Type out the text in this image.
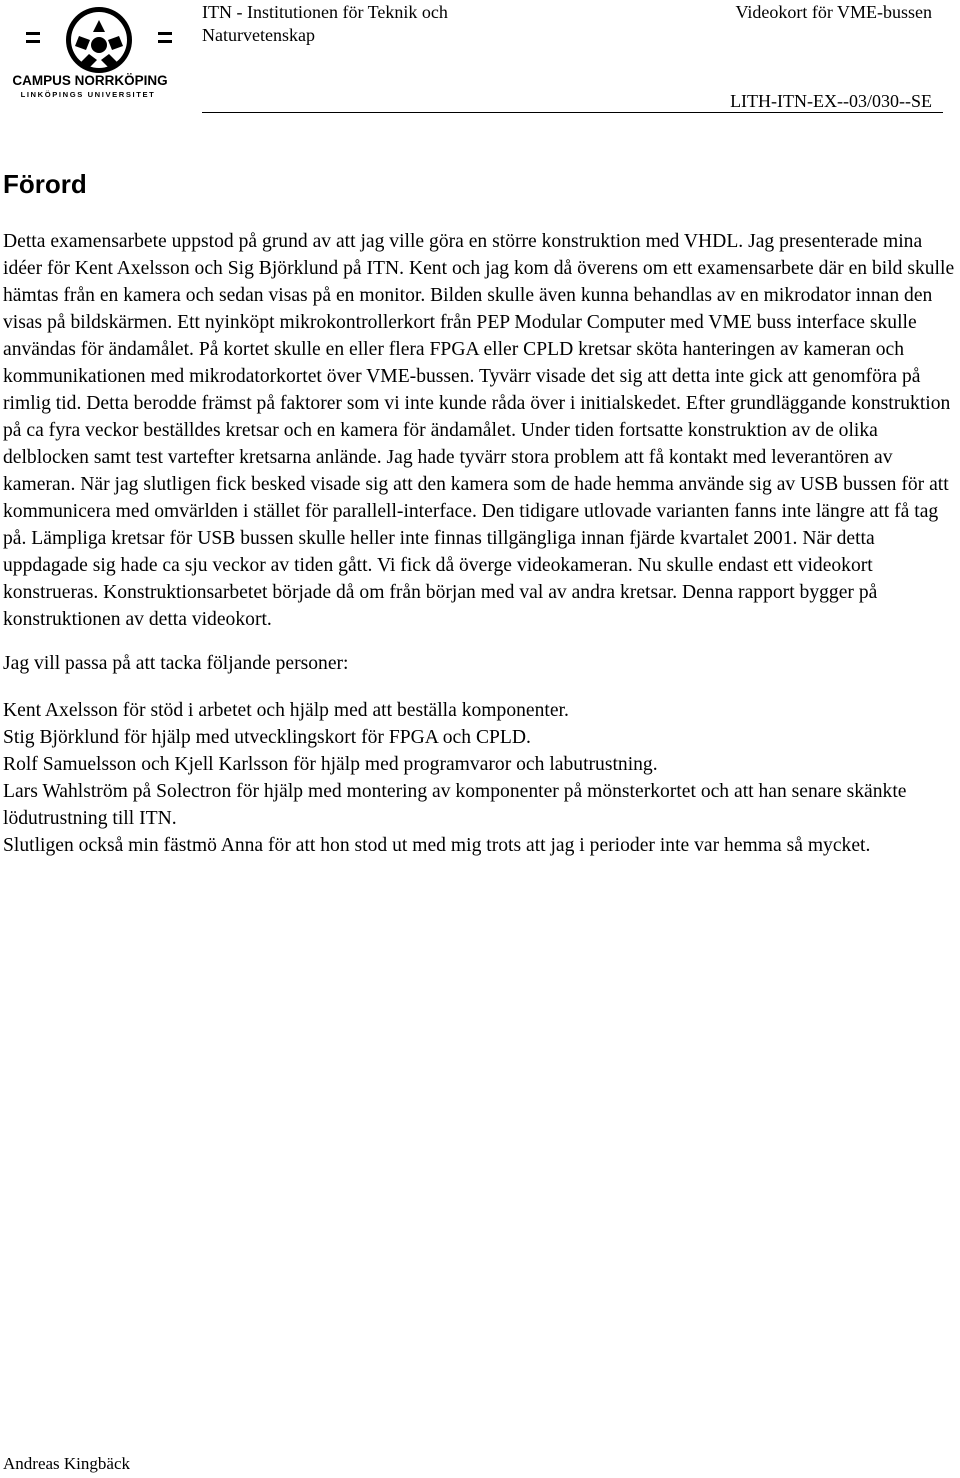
CAMPUS NORRKÖPING
LINKÖPINGS UNIVERSITET
ITN - Institutionen för Teknik och
Naturvetenskap
Videokort för VME-bussen
LITH-ITN-EX--03/030--SE
Förord

Detta examensarbete uppstod på grund av att jag ville göra en större konstruktion med VHDL. Jag presenterade mina idéer för Kent Axelsson och Sig Björklund på ITN. Kent och jag kom då överens om ett examensarbete där en bild skulle hämtas från en kamera och sedan visas på en monitor. Bilden skulle även kunna behandlas av en mikrodator innan den visas på bildskärmen. Ett nyinköpt mikrokontrollerkort från PEP Modular Computer med VME buss interface skulle användas för ändamålet. På kortet skulle en eller flera FPGA eller CPLD kretsar sköta hanteringen av kameran och kommunikationen med mikrodatorkortet över VME-bussen. Tyvärr visade det sig att detta inte gick att genomföra på rimlig tid. Detta berodde främst på faktorer som vi inte kunde råda över i initialskedet. Efter grundläggande konstruktion på ca fyra veckor beställdes kretsar och en kamera för ändamålet. Under tiden fortsatte konstruktion av de olika delblocken samt test vartefter kretsarna anlände. Jag hade tyvärr stora problem att få kontakt med leverantören av kameran. När jag slutligen fick besked visade sig att den kamera som de hade hemma använde sig av USB bussen för att kommunicera med omvärlden i stället för parallell-interface. Den tidigare utlovade varianten fanns inte längre att få tag på. Lämpliga kretsar för USB bussen skulle heller inte finnas tillgängliga innan fjärde kvartalet 2001. När detta uppdagade sig hade ca sju veckor av tiden gått. Vi fick då överge videokameran. Nu skulle endast ett videokort konstrueras. Konstruktionsarbetet började då om från början med val av andra kretsar. Denna rapport bygger på konstruktionen av detta videokort.

Jag vill passa på att tacka följande personer:

Kent Axelsson för stöd i arbetet och hjälp med att beställa komponenter.

Stig Björklund för hjälp med utvecklingskort för FPGA och CPLD.

Rolf Samuelsson och Kjell Karlsson för hjälp med programvaror och labutrustning.

Lars Wahlström på Solectron för hjälp med montering av komponenter på mönsterkortet och att han senare skänkte lödutrustning till ITN.

Slutligen också min fästmö Anna för att hon stod ut med mig trots att jag i perioder inte var hemma så mycket.

Andreas Kingbäck
